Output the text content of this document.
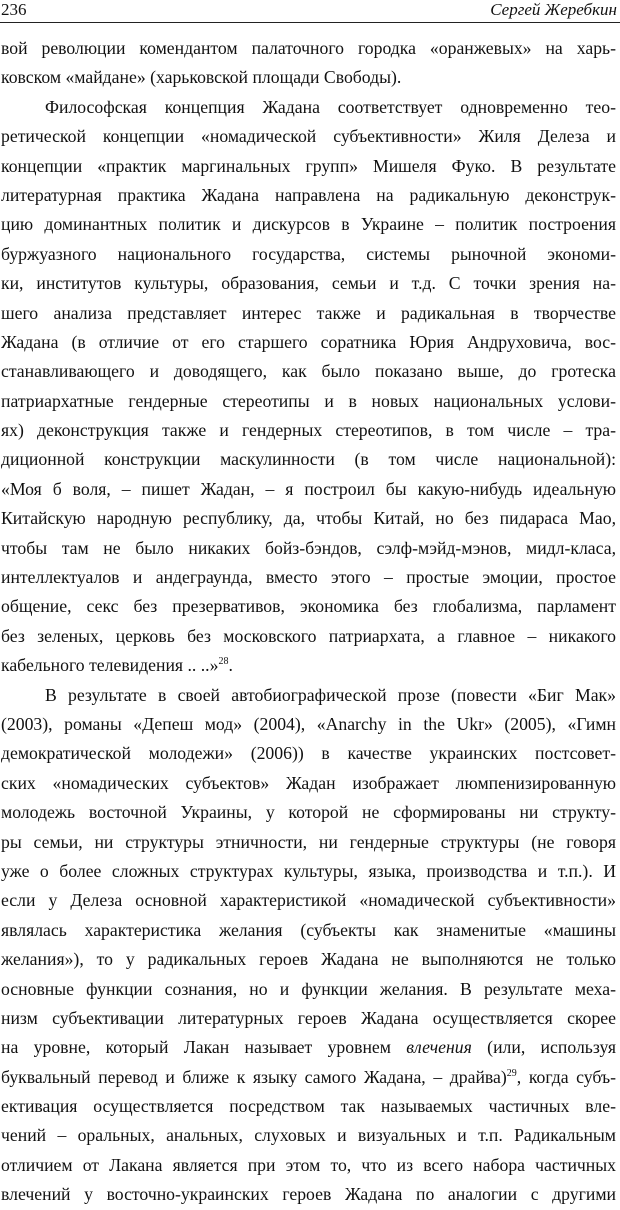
236	Сергей Жеребкин
вой революции комендантом палаточного городка «оранжевых» на харь-
ковском «майдане» (харьковской площади Свободы).
Философская концепция Жадана соответствует одновременно тео-
ретической концепции «номадической субъективности» Жиля Делеза и
концепции «практик маргинальных групп» Мишеля Фуко. В результате
литературная практика Жадана направлена на радикальную деконструк-
цию доминантных политик и дискурсов в Украине – политик построения
буржуазного национального государства, системы рыночной экономи-
ки, институтов культуры, образования, семьи и т.д. С точки зрения на-
шего анализа представляет интерес также и радикальная в творчестве
Жадана (в отличие от его старшего соратника Юрия Андруховича, вос-
станавливающего и доводящего, как было показано выше, до гротеска
патриархатные гендерные стереотипы и в новых национальных услови-
ях) деконструкция также и гендерных стереотипов, в том числе – тра-
диционной конструкции маскулинности (в том числе национальной):
«Моя б воля, – пишет Жадан, – я построил бы какую-нибудь идеальную
Китайскую народную республику, да, чтобы Китай, но без пидараса Мао,
чтобы там не было никаких бойз-бэндов, сэлф-мэйд-мэнов, мидл-класа,
интеллектуалов и андеграунда, вместо этого – простые эмоции, простое
общение, секс без презервативов, экономика без глобализма, парламент
без зеленых, церковь без московского патриархата, а главное – никакого
кабельного телевидения .. ..»$^{28}$.
В результате в своей автобиографической прозе (повести «Биг Мак»
(2003), романы «Депеш мод» (2004), «Anarchy in the Ukr» (2005), «Гимн
демократической молодежи» (2006)) в качестве украинских постсовет-
ских «номадических субъектов» Жадан изображает люмпенизированную
молодежь восточной Украины, у которой не сформированы ни структу-
ры семьи, ни структуры этничности, ни гендерные структуры (не говоря
уже о более сложных структурах культуры, языка, производства и т.п.). И
если у Делеза основной характеристикой «номадической субъективности»
являлась характеристика желания (субъекты как знаменитые «машины
желания»), то у радикальных героев Жадана не выполняются не только
основные функции сознания, но и функции желания. В результате меха-
низм субъективации литературных героев Жадана осуществляется скорее
на уровне, который Лакан называет уровнем влечения (или, используя
буквальный перевод и ближе к языку самого Жадана, – драйва)$^{29}$, когда субъ-
ективация осуществляется посредством так называемых частичных вле-
чений – оральных, анальных, слуховых и визуальных и т.п. Радикальным
отличием от Лакана является при этом то, что из всего набора частичных
влечений у восточно-украинских героев Жадана по аналогии с другими
